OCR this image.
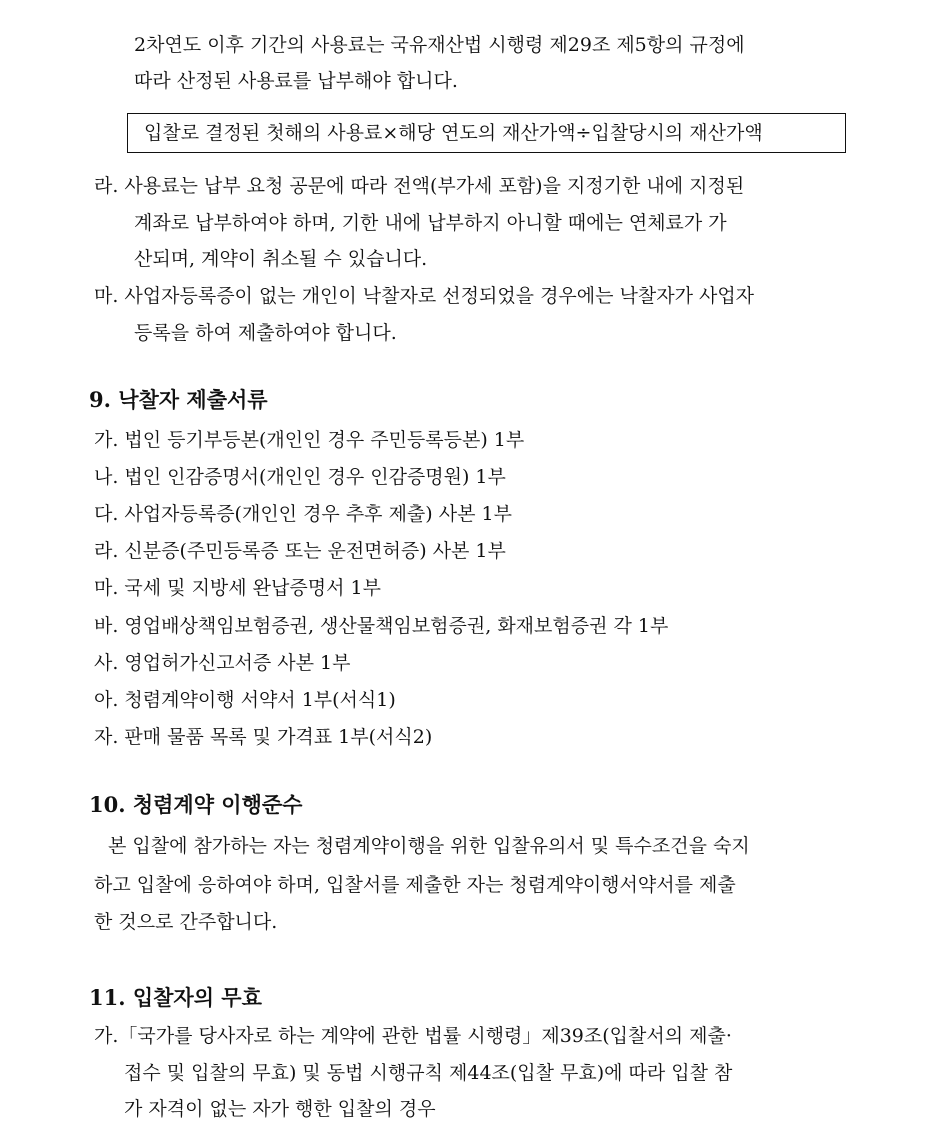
2차연도 이후 기간의 사용료는 국유재산법 시행령 제29조 제5항의 규정에
따라 산정된 사용료를 납부해야 합니다.
입찰로 결정된 첫해의 사용료×해당 연도의 재산가액÷입찰당시의 재산가액
라. 사용료는 납부 요청 공문에 따라 전액(부가세 포함)을 지정기한 내에 지정된
계좌로 납부하여야 하며, 기한 내에 납부하지 아니할 때에는 연체료가 가
산되며, 계약이 취소될 수 있습니다.
마. 사업자등록증이 없는 개인이 낙찰자로 선정되었을 경우에는 낙찰자가 사업자
등록을 하여 제출하여야 합니다.
9. 낙찰자 제출서류
가. 법인 등기부등본(개인인 경우 주민등록등본) 1부
나. 법인 인감증명서(개인인 경우 인감증명원) 1부
다. 사업자등록증(개인인 경우 추후 제출) 사본 1부
라. 신분증(주민등록증 또는 운전면허증) 사본 1부
마. 국세 및 지방세 완납증명서 1부
바. 영업배상책임보험증권, 생산물책임보험증권, 화재보험증권 각 1부
사. 영업허가신고서증 사본 1부
아. 청렴계약이행 서약서 1부(서식1)
자. 판매 물품 목록 및 가격표 1부(서식2)
10. 청렴계약 이행준수
본 입찰에 참가하는 자는 청렴계약이행을 위한 입찰유의서 및 특수조건을 숙지
하고 입찰에 응하여야 하며, 입찰서를 제출한 자는 청렴계약이행서약서를 제출
한 것으로 간주합니다.
11. 입찰자의 무효
가.「국가를 당사자로 하는 계약에 관한 법률 시행령」제39조(입찰서의 제출·
접수 및 입찰의 무효) 및 동법 시행규칙 제44조(입찰 무효)에 따라 입찰 참
가 자격이 없는 자가 행한 입찰의 경우
